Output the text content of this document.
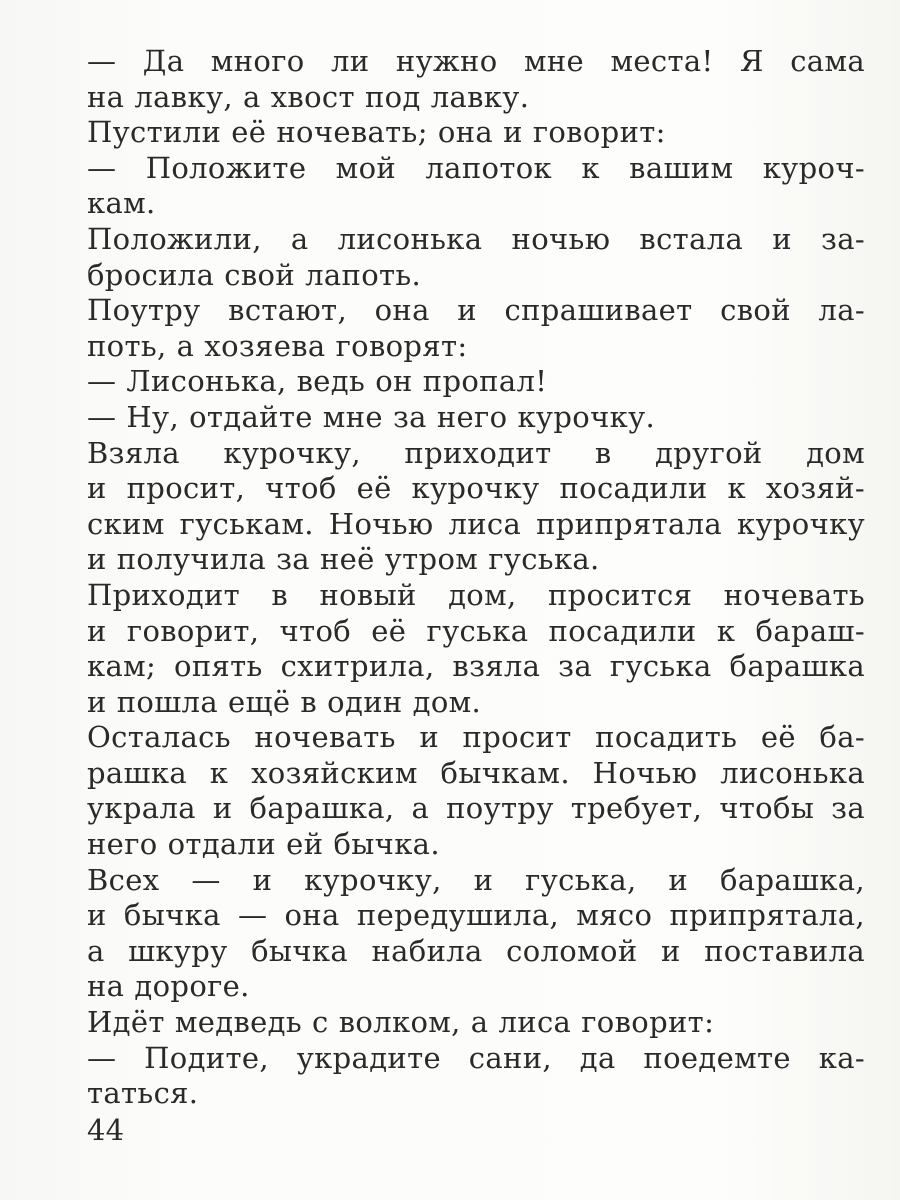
— Да много ли нужно мне места! Я сама
на лавку, а хвост под лавку.
Пустили её ночевать; она и говорит:
— Положите мой лапоток к вашим куроч-
кам.
Положили, а лисонька ночью встала и за-
бросила свой лапоть.
Поутру встают, она и спрашивает свой ла-
поть, а хозяева говорят:
— Лисонька, ведь он пропал!
— Ну, отдайте мне за него курочку.
Взяла курочку, приходит в другой дом
и просит, чтоб её курочку посадили к хозяй-
ским гуськам. Ночью лиса припрятала курочку
и получила за неё утром гуська.
Приходит в новый дом, просится ночевать
и говорит, чтоб её гуська посадили к бараш-
кам; опять схитрила, взяла за гуська барашка
и пошла ещё в один дом.
Осталась ночевать и просит посадить её ба-
рашка к хозяйским бычкам. Ночью лисонька
украла и барашка, а поутру требует, чтобы за
него отдали ей бычка.
Всех — и курочку, и гуська, и барашка,
и бычка — она передушила, мясо припрятала,
а шкуру бычка набила соломой и поставила
на дороге.
Идёт медведь с волком, а лиса говорит:
— Подите, украдите сани, да поедемте ка-
таться.
44
